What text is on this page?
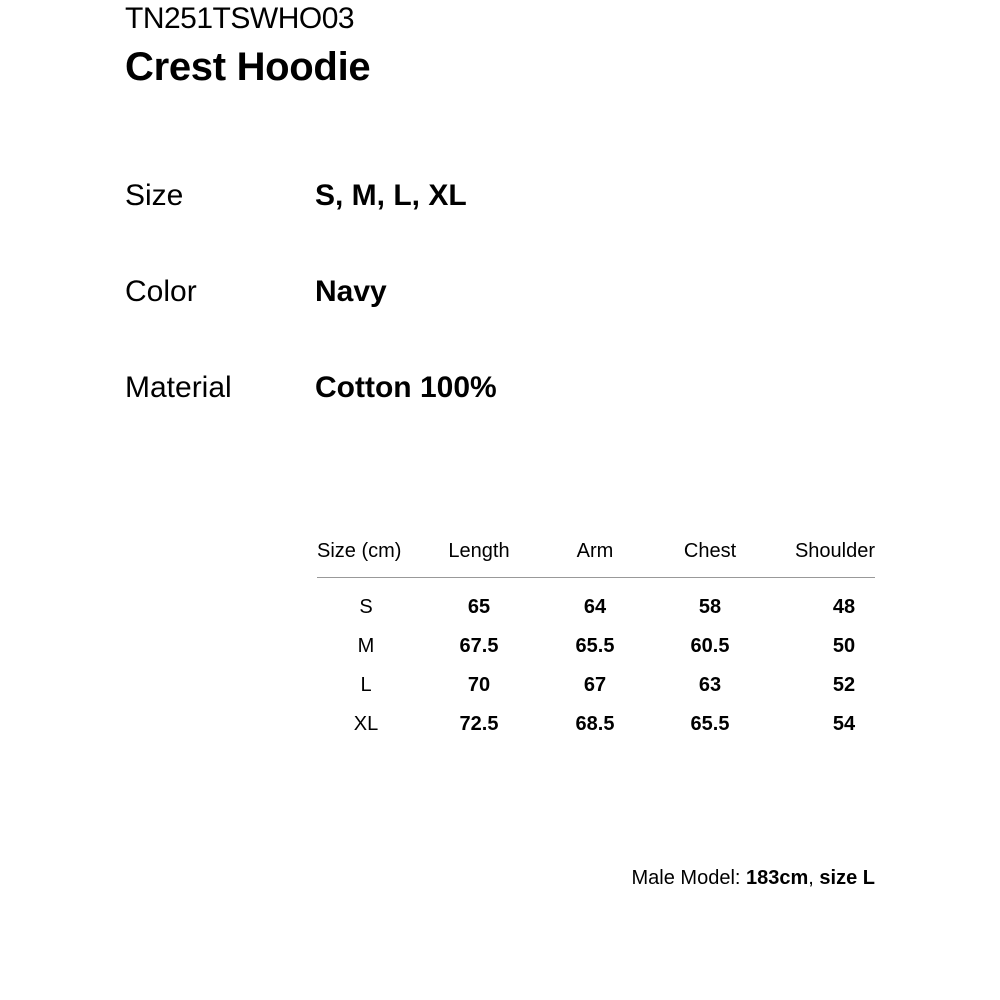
TN251TSWHO03
Crest Hoodie
Size	S, M, L, XL
Color	Navy
Material	Cotton 100%
Size (cm)	Length	Arm	Chest	Shoulder
S	65	64	58	48
M	67.5	65.5	60.5	50
L	70	67	63	52
XL	72.5	68.5	65.5	54
Male Model: 183cm, size L
